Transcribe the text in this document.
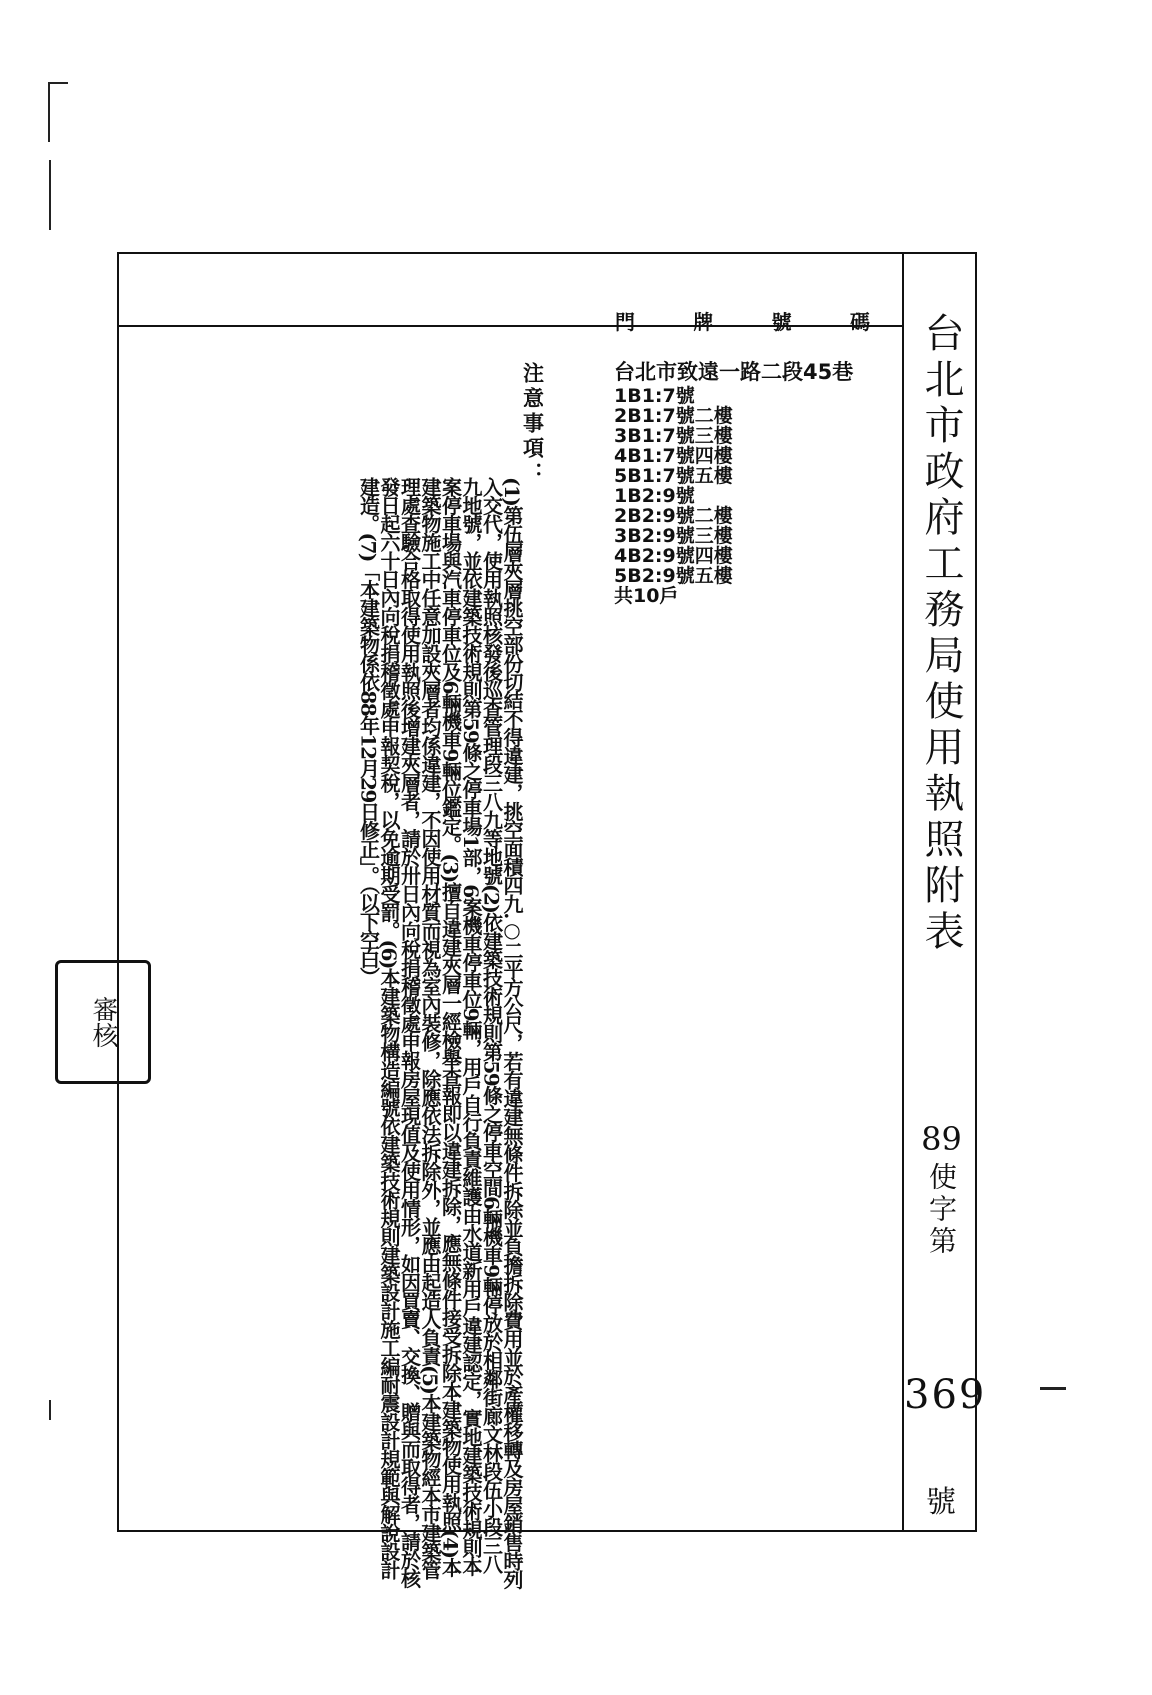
台北市政府工務局使用執照附表
89
使字第
369
號
門	牌	號	碼
台北市致遠一路二段45巷
1B1:7號
2B1:7號二樓
3B1:7號三樓
4B1:7號四樓
5B1:7號五樓
1B2:9號
2B2:9號二樓
3B2:9號三樓
4B2:9號四樓
5B2:9號五樓
共10戶
注意事項：
(1)第伍層夾層挑空部份切結不得違建，挑空面積四九.○二平方公尺，若有違建無條件拆除並負擔拆除費用並於產權移轉及房屋銷售時列入交代，使用執照核發後巡查管理段三八九等地號(2)依建築技術規則第59條之停車空間6輛機車9輛停放於相鄰街廊文林段伍小段三八九地號，並依建築技術規則第59條之停車場1部，6案機車停車位9輛，用戶自行負責維護由水道新用戶違建認定，實地建築技術規則本案停車場與汽車停車位及6輛機車9輛位鑑定。(3)擅自違建夾層一經檢舉查報即以違建拆除，應無條件接受拆除本建築物使用執照(4)本建築物施工中任意加設夾層者均係違建，不因使用材質而視為室內裝修，除應依法拆除外，並應由起造人負責(5)本建築物經本市建築管理處查驗合格取得使用執照後增建夾層者，請於卅日內向稅捐稽徵處申報房屋現值及使用情形，如因買賣、交換、贈與而取得者，請於核發日起六十日內向稅捐稽徵處申報契稅，以免逾期受罰。(6)本建築物構造編號依建築技術規則建築設計施工編耐震設計規範與解說設計建造。(7)「本建築物係依88年12月29日修正」。（以下空白）
審核
